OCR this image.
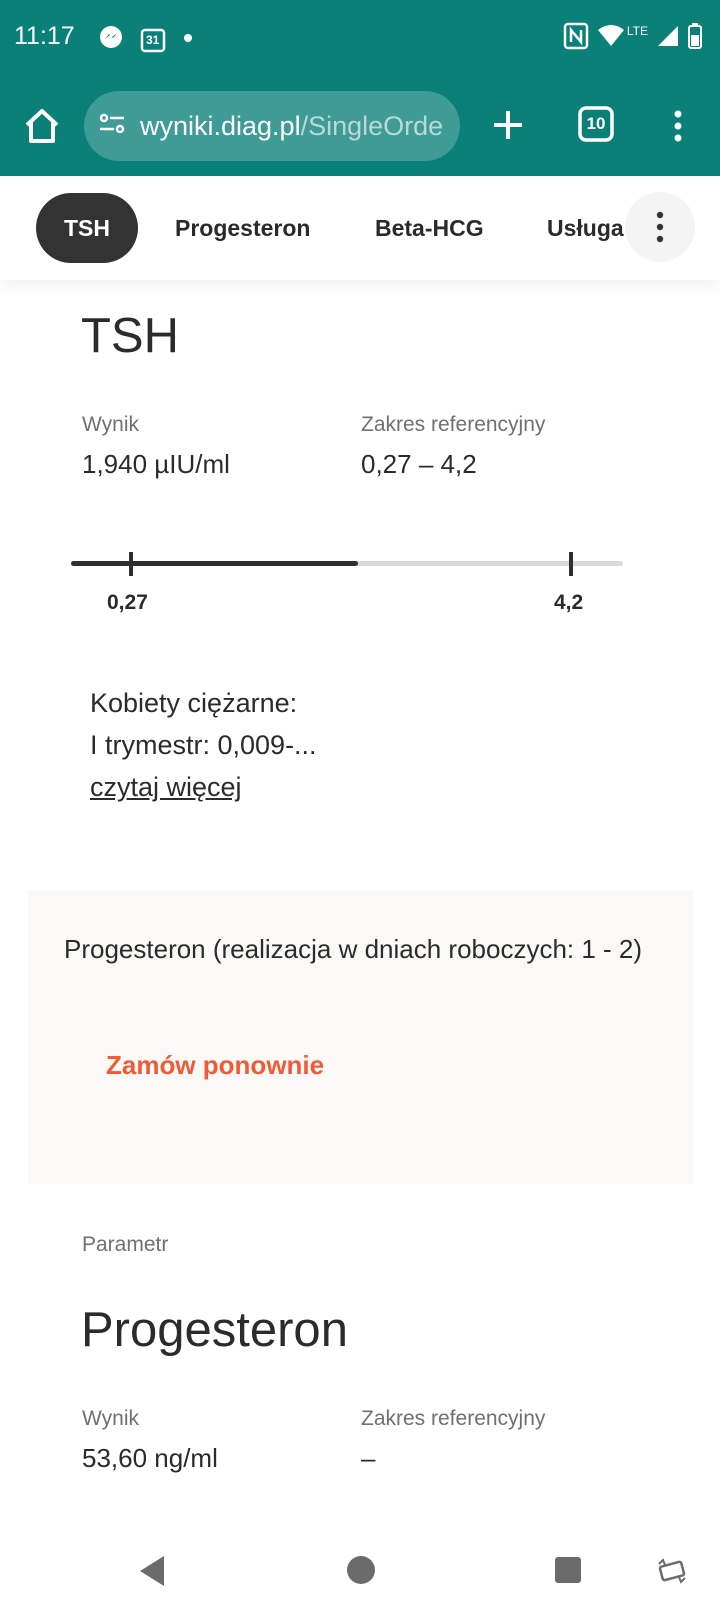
11:17	31
LTE
wyniki.diag.pl/SingleOrde	10
TSH	Progesteron	Beta-HCG	Usługa
TSH
Wynik
1,940 µIU/ml
Zakres referencyjny
0,27 – 4,2
0,27	4,2
Kobiety ciężarne:
I trymestr: 0,009-...
czytaj więcej
Progesteron (realizacja w dniach roboczych: 1 - 2)
Zamów ponownie
Parametr
Progesteron
Wynik
53,60 ng/ml
Zakres referencyjny
–
